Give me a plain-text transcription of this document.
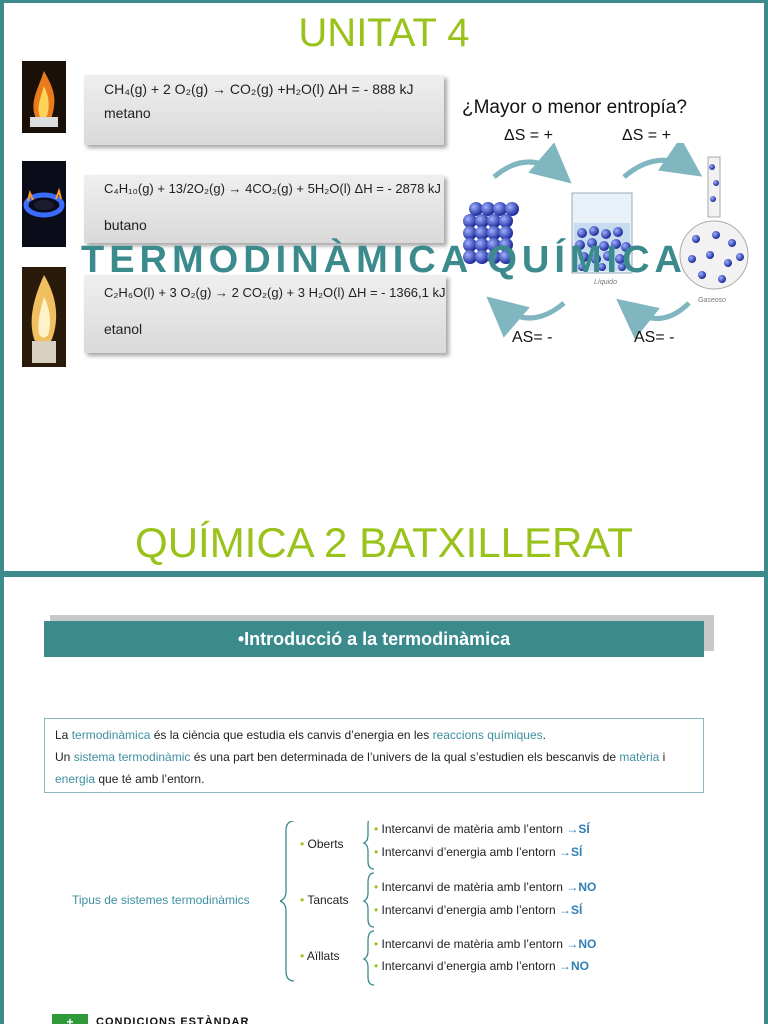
UNITAT 4
CH₄(g) + 2 O₂(g) → CO₂(g) +H₂O(l) ΔH = - 888 kJ
metano
C₄H₁₀(g) + 13/2O₂(g) → 4CO₂(g) + 5H₂O(l) ΔH = - 2878 kJ
butano
C₂H₆O(l) + 3 O₂(g) → 2 CO₂(g) + 3 H₂O(l) ΔH = - 1366,1 kJ
etanol
¿Mayor o menor entropía?
ΔS = +	ΔS = +
Líquido
Gaseoso
AS= -	AS= -
TERMODINÀMICA QUÍMICA
QUÍMICA 2 BATXILLERAT
•Introducció a la termodinàmica
La termodinàmica és la ciència que estudia els canvis d’energia en les reaccions químiques.
Un sistema termodinàmic és una part ben determinada de l’univers de la qual s’estudien els bescanvis de matèria i
energia que té amb l’entorn.
Tipus de sistemes termodinàmics
• Oberts
• Intercanvi de matèria amb l’entorn →SÍ
• Intercanvi d’energia amb l’entorn →SÍ
• Tancats
• Intercanvi de matèria amb l’entorn →NO
• Intercanvi d’energia amb l’entorn →SÍ
• Aïllats
• Intercanvi de matèria amb l’entorn →NO
• Intercanvi d’energia amb l’entorn →NO
+	CONDICIONS ESTÀNDAR
